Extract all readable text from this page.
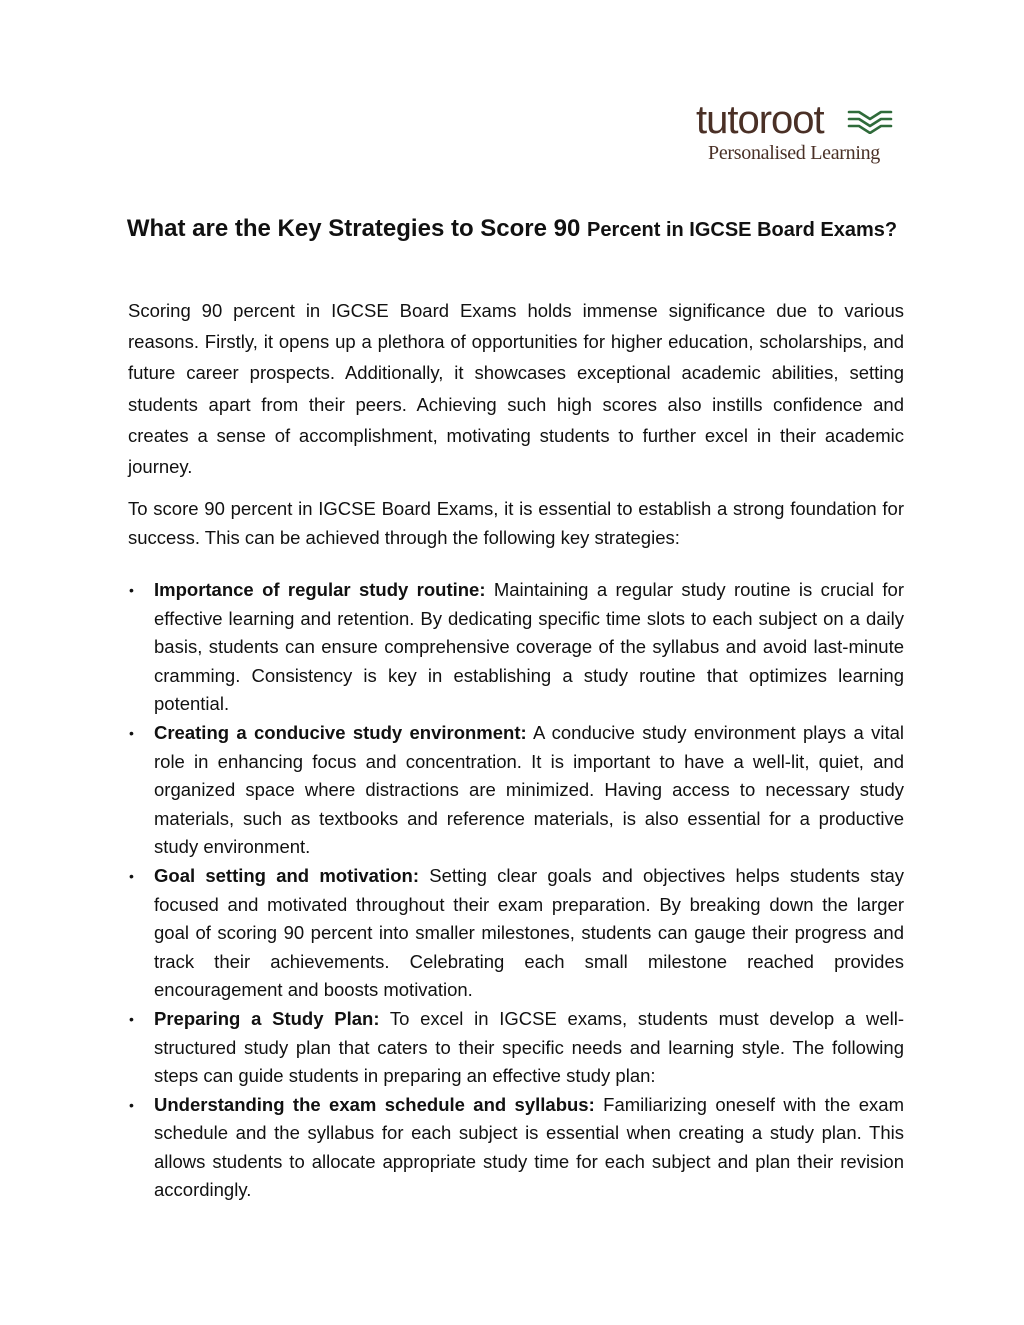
tutoroot
Personalised Learning
What are the Key Strategies to Score 90 Percent in IGCSE Board Exams?

Scoring 90 percent in IGCSE Board Exams holds immense significance due to various reasons. Firstly, it opens up a plethora of opportunities for higher education, scholarships, and future career prospects. Additionally, it showcases exceptional academic abilities, setting students apart from their peers. Achieving such high scores also instills confidence and creates a sense of accomplishment, motivating students to further excel in their academic journey.

To score 90 percent in IGCSE Board Exams, it is essential to establish a strong foundation for success. This can be achieved through the following key strategies:

• Importance of regular study routine: Maintaining a regular study routine is crucial for effective learning and retention. By dedicating specific time slots to each subject on a daily basis, students can ensure comprehensive coverage of the syllabus and avoid last-minute cramming. Consistency is key in establishing a study routine that optimizes learning potential.
• Creating a conducive study environment: A conducive study environment plays a vital role in enhancing focus and concentration. It is important to have a well-lit, quiet, and organized space where distractions are minimized. Having access to necessary study materials, such as textbooks and reference materials, is also essential for a productive study environment.
• Goal setting and motivation: Setting clear goals and objectives helps students stay focused and motivated throughout their exam preparation. By breaking down the larger goal of scoring 90 percent into smaller milestones, students can gauge their progress and track their achievements. Celebrating each small milestone reached provides encouragement and boosts motivation.
• Preparing a Study Plan: To excel in IGCSE exams, students must develop a well-structured study plan that caters to their specific needs and learning style. The following steps can guide students in preparing an effective study plan:
• Understanding the exam schedule and syllabus: Familiarizing oneself with the exam schedule and the syllabus for each subject is essential when creating a study plan. This allows students to allocate appropriate study time for each subject and plan their revision accordingly.
